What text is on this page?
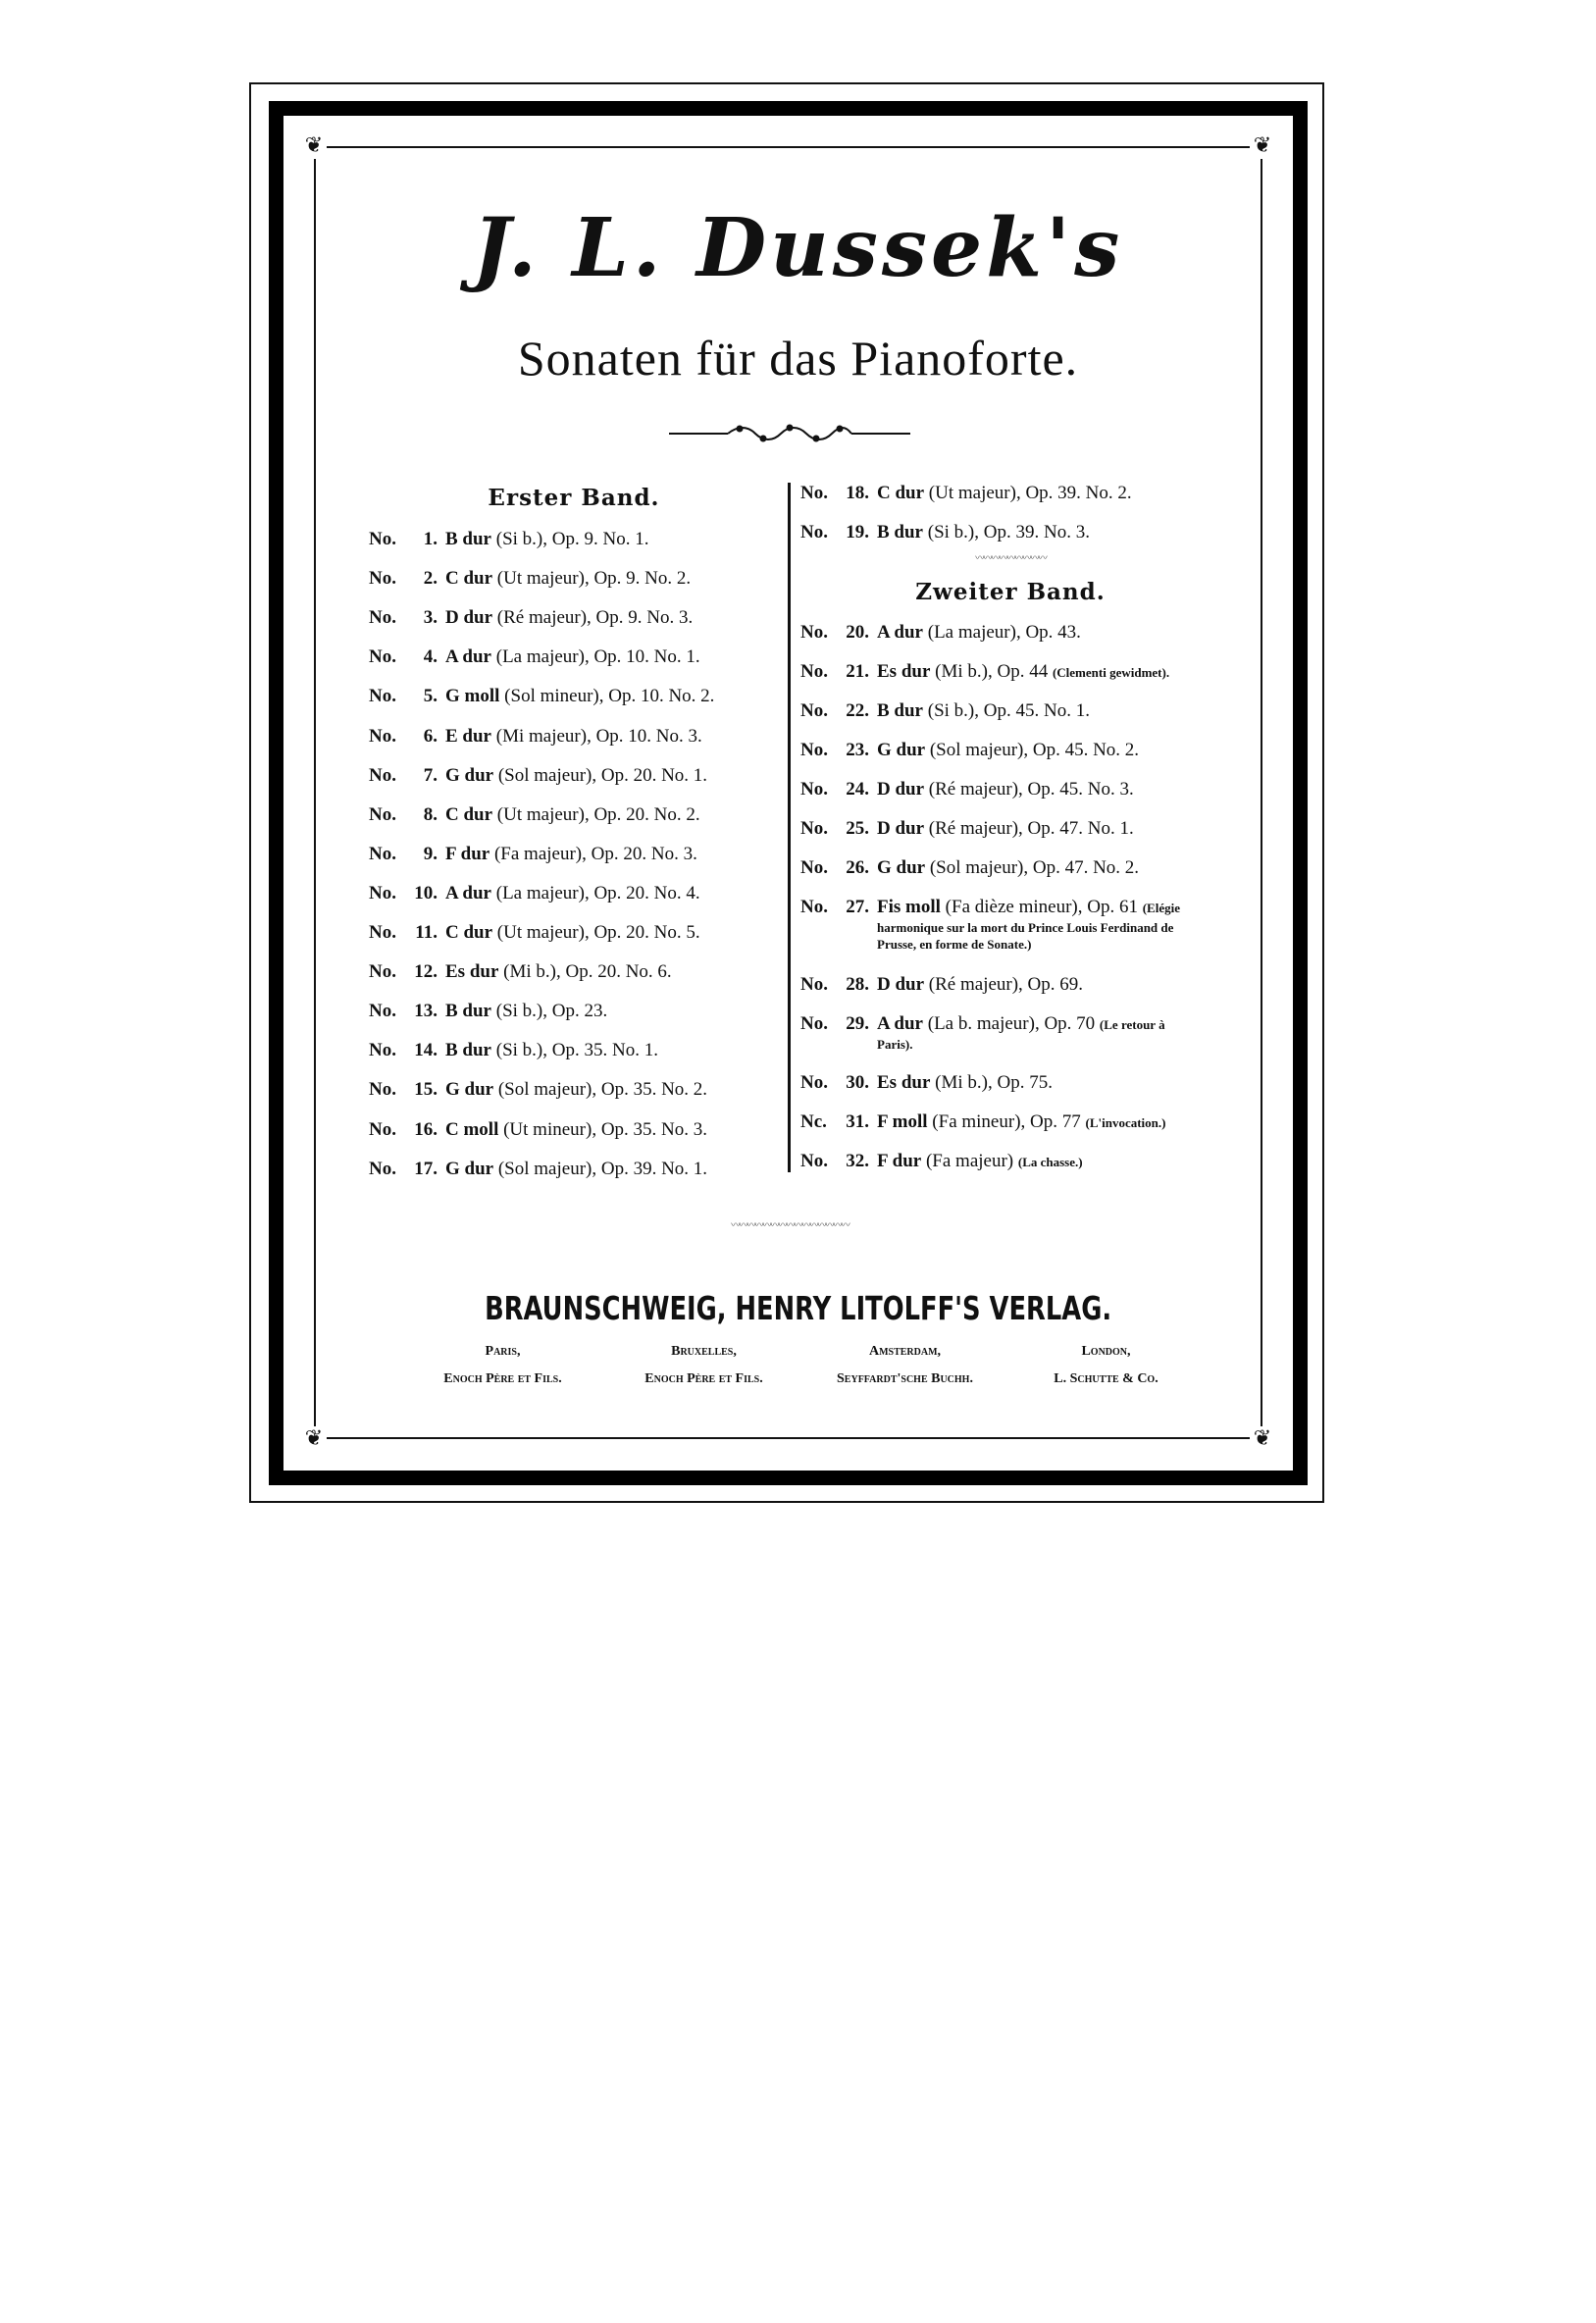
❦	❦
❦	❦
J. L. Dussek's
Sonaten für das Pianoforte.
Erster Band.
No. 1. B dur (Si b.), Op. 9. No. 1.
No. 2. C dur (Ut majeur), Op. 9. No. 2.
No. 3. D dur (Ré majeur), Op. 9. No. 3.
No. 4. A dur (La majeur), Op. 10. No. 1.
No. 5. G moll (Sol mineur), Op. 10. No. 2.
No. 6. E dur (Mi majeur), Op. 10. No. 3.
No. 7. G dur (Sol majeur), Op. 20. No. 1.
No. 8. C dur (Ut majeur), Op. 20. No. 2.
No. 9. F dur (Fa majeur), Op. 20. No. 3.
No. 10. A dur (La majeur), Op. 20. No. 4.
No. 11. C dur (Ut majeur), Op. 20. No. 5.
No. 12. Es dur (Mi b.), Op. 20. No. 6.
No. 13. B dur (Si b.), Op. 23.
No. 14. B dur (Si b.), Op. 35. No. 1.
No. 15. G dur (Sol majeur), Op. 35. No. 2.
No. 16. C moll (Ut mineur), Op. 35. No. 3.
No. 17. G dur (Sol majeur), Op. 39. No. 1.
No. 18. C dur (Ut majeur), Op. 39. No. 2.
No. 19. B dur (Si b.), Op. 39. No. 3.
No. 20. A dur (La majeur), Op. 43.
No. 21. Es dur (Mi b.), Op. 44 (Clementi gewidmet).
No. 22. B dur (Si b.), Op. 45. No. 1.
No. 23. G dur (Sol majeur), Op. 45. No. 2.
No. 24. D dur (Ré majeur), Op. 45. No. 3.
No. 25. D dur (Ré majeur), Op. 47. No. 1.
No. 26. G dur (Sol majeur), Op. 47. No. 2.
No. 27. Fis moll (Fa dièze mineur), Op. 61 (Elégie
harmonique sur la mort du Prince Louis Ferdinand de Prusse, en forme de Sonate.)
No. 28. D dur (Ré majeur), Op. 69.
No. 29. A dur (La b. majeur), Op. 70 (Le retour à
Paris).
No. 30. Es dur (Mi b.), Op. 75.
Nc. 31. F moll (Fa mineur), Op. 77 (L'invocation.)
No. 32. F dur (Fa majeur) (La chasse.)
〰〰〰〰〰〰〰〰〰
Zweiter Band.
〰〰〰〰〰〰〰〰〰〰〰〰〰〰〰
BRAUNSCHWEIG, HENRY LITOLFF'S VERLAG.
Paris,
Enoch Père et Fils.
Bruxelles,
Enoch Père et Fils.
Amsterdam,
Seyffardt'sche Buchh.
London,
L. Schutte & Co.
